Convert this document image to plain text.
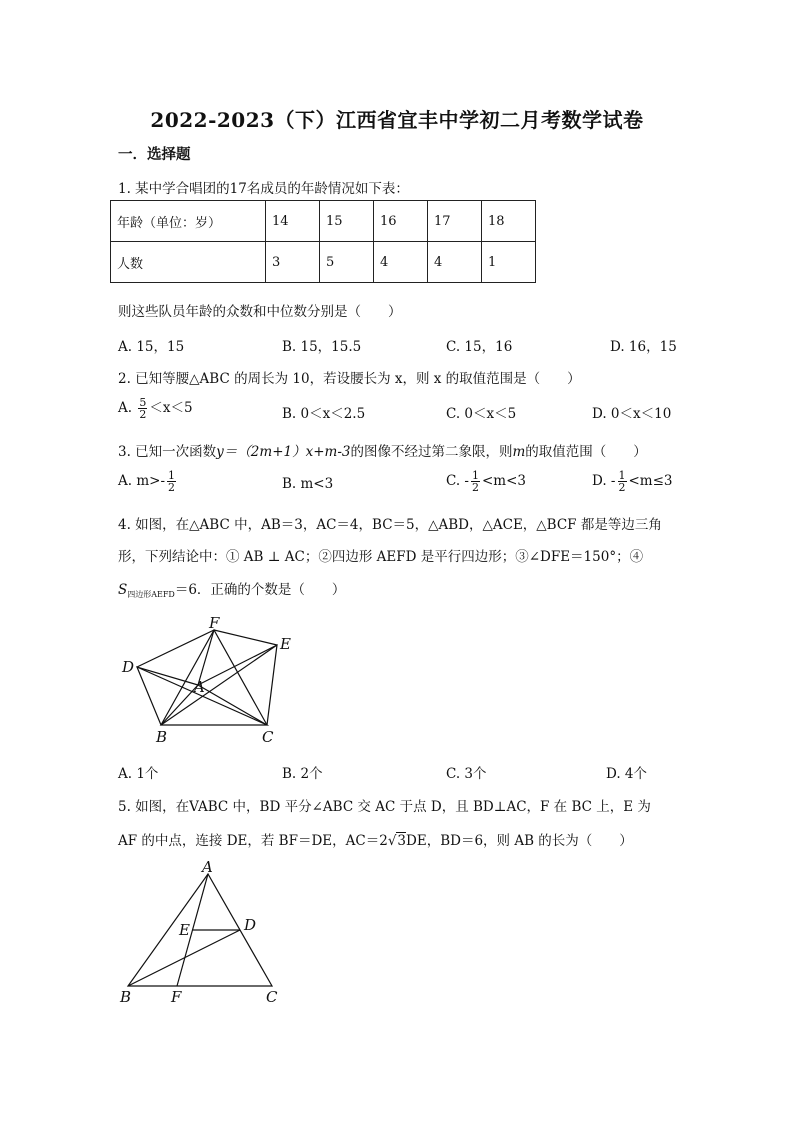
2022-2023（下）江西省宜丰中学初二月考数学试卷
一．选择题
1. 某中学合唱团的17名成员的年龄情况如下表：
年龄（单位：岁）	14	15	16	17	18
人数	3	5	4	4	1
则这些队员年龄的众数和中位数分别是（　　）
A. 15，15	B. 15，15.5	C. 15，16	D. 16，15
2. 已知等腰△ABC 的周长为 10，若设腰长为 x，则 x 的取值范围是（　　）
A. $\frac{5}{2} <x<5$	B. 0＜x＜2.5	C. 0＜x＜5	D. 0＜x＜10
3. 已知一次函数y＝（2m+1）x+m-3的图像不经过第二象限，则m的取值范围（　　）
A. $m>- \frac{1}{2}$	B. m<3	C. - $\frac{1}{2} <m<3$	D. - $\frac{1}{2} <m\le 3$
4. 如图，在△ABC 中，AB＝3，AC＝4，BC＝5，△ABD，△ACE，△BCF 都是等边三角
形，下列结论中：① AB ⊥ AC；②四边形 AEFD 是平行四边形；③∠DFE＝150°；④
$S_{四边形AEFD}=6$．正确的个数是（　　）
F
E
D
A
B	C
A. 1个	B. 2个	C. 3个	D. 4个
5. 如图，在VABC 中，BD 平分∠ABC 交 AC 于点 D，且 BD⊥AC，F 在 BC 上，E 为
AF 的中点，连接 DE，若 BF＝DE，AC＝2√3DE，BD＝6，则 AB 的长为（　　）
A
E	D
B	F	C
